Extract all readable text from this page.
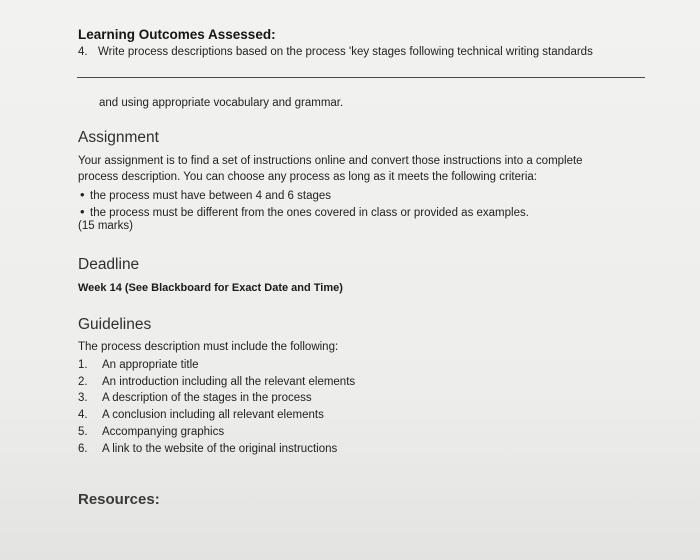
Learning Outcomes Assessed:
4. Write process descriptions based on the process 'key stages following technical writing standards
and using appropriate vocabulary and grammar.
Assignment
Your assignment is to find a set of instructions online and convert those instructions into a complete
process description. You can choose any process as long as it meets the following criteria:
• the process must have between 4 and 6 stages
• the process must be different from the ones covered in class or provided as examples.
(15 marks)
Deadline
Week 14 (See Blackboard for Exact Date and Time)
Guidelines
The process description must include the following:
1. An appropriate title
2. An introduction including all the relevant elements
3. A description of the stages in the process
4. A conclusion including all relevant elements
5. Accompanying graphics
6. A link to the website of the original instructions
Resources:
